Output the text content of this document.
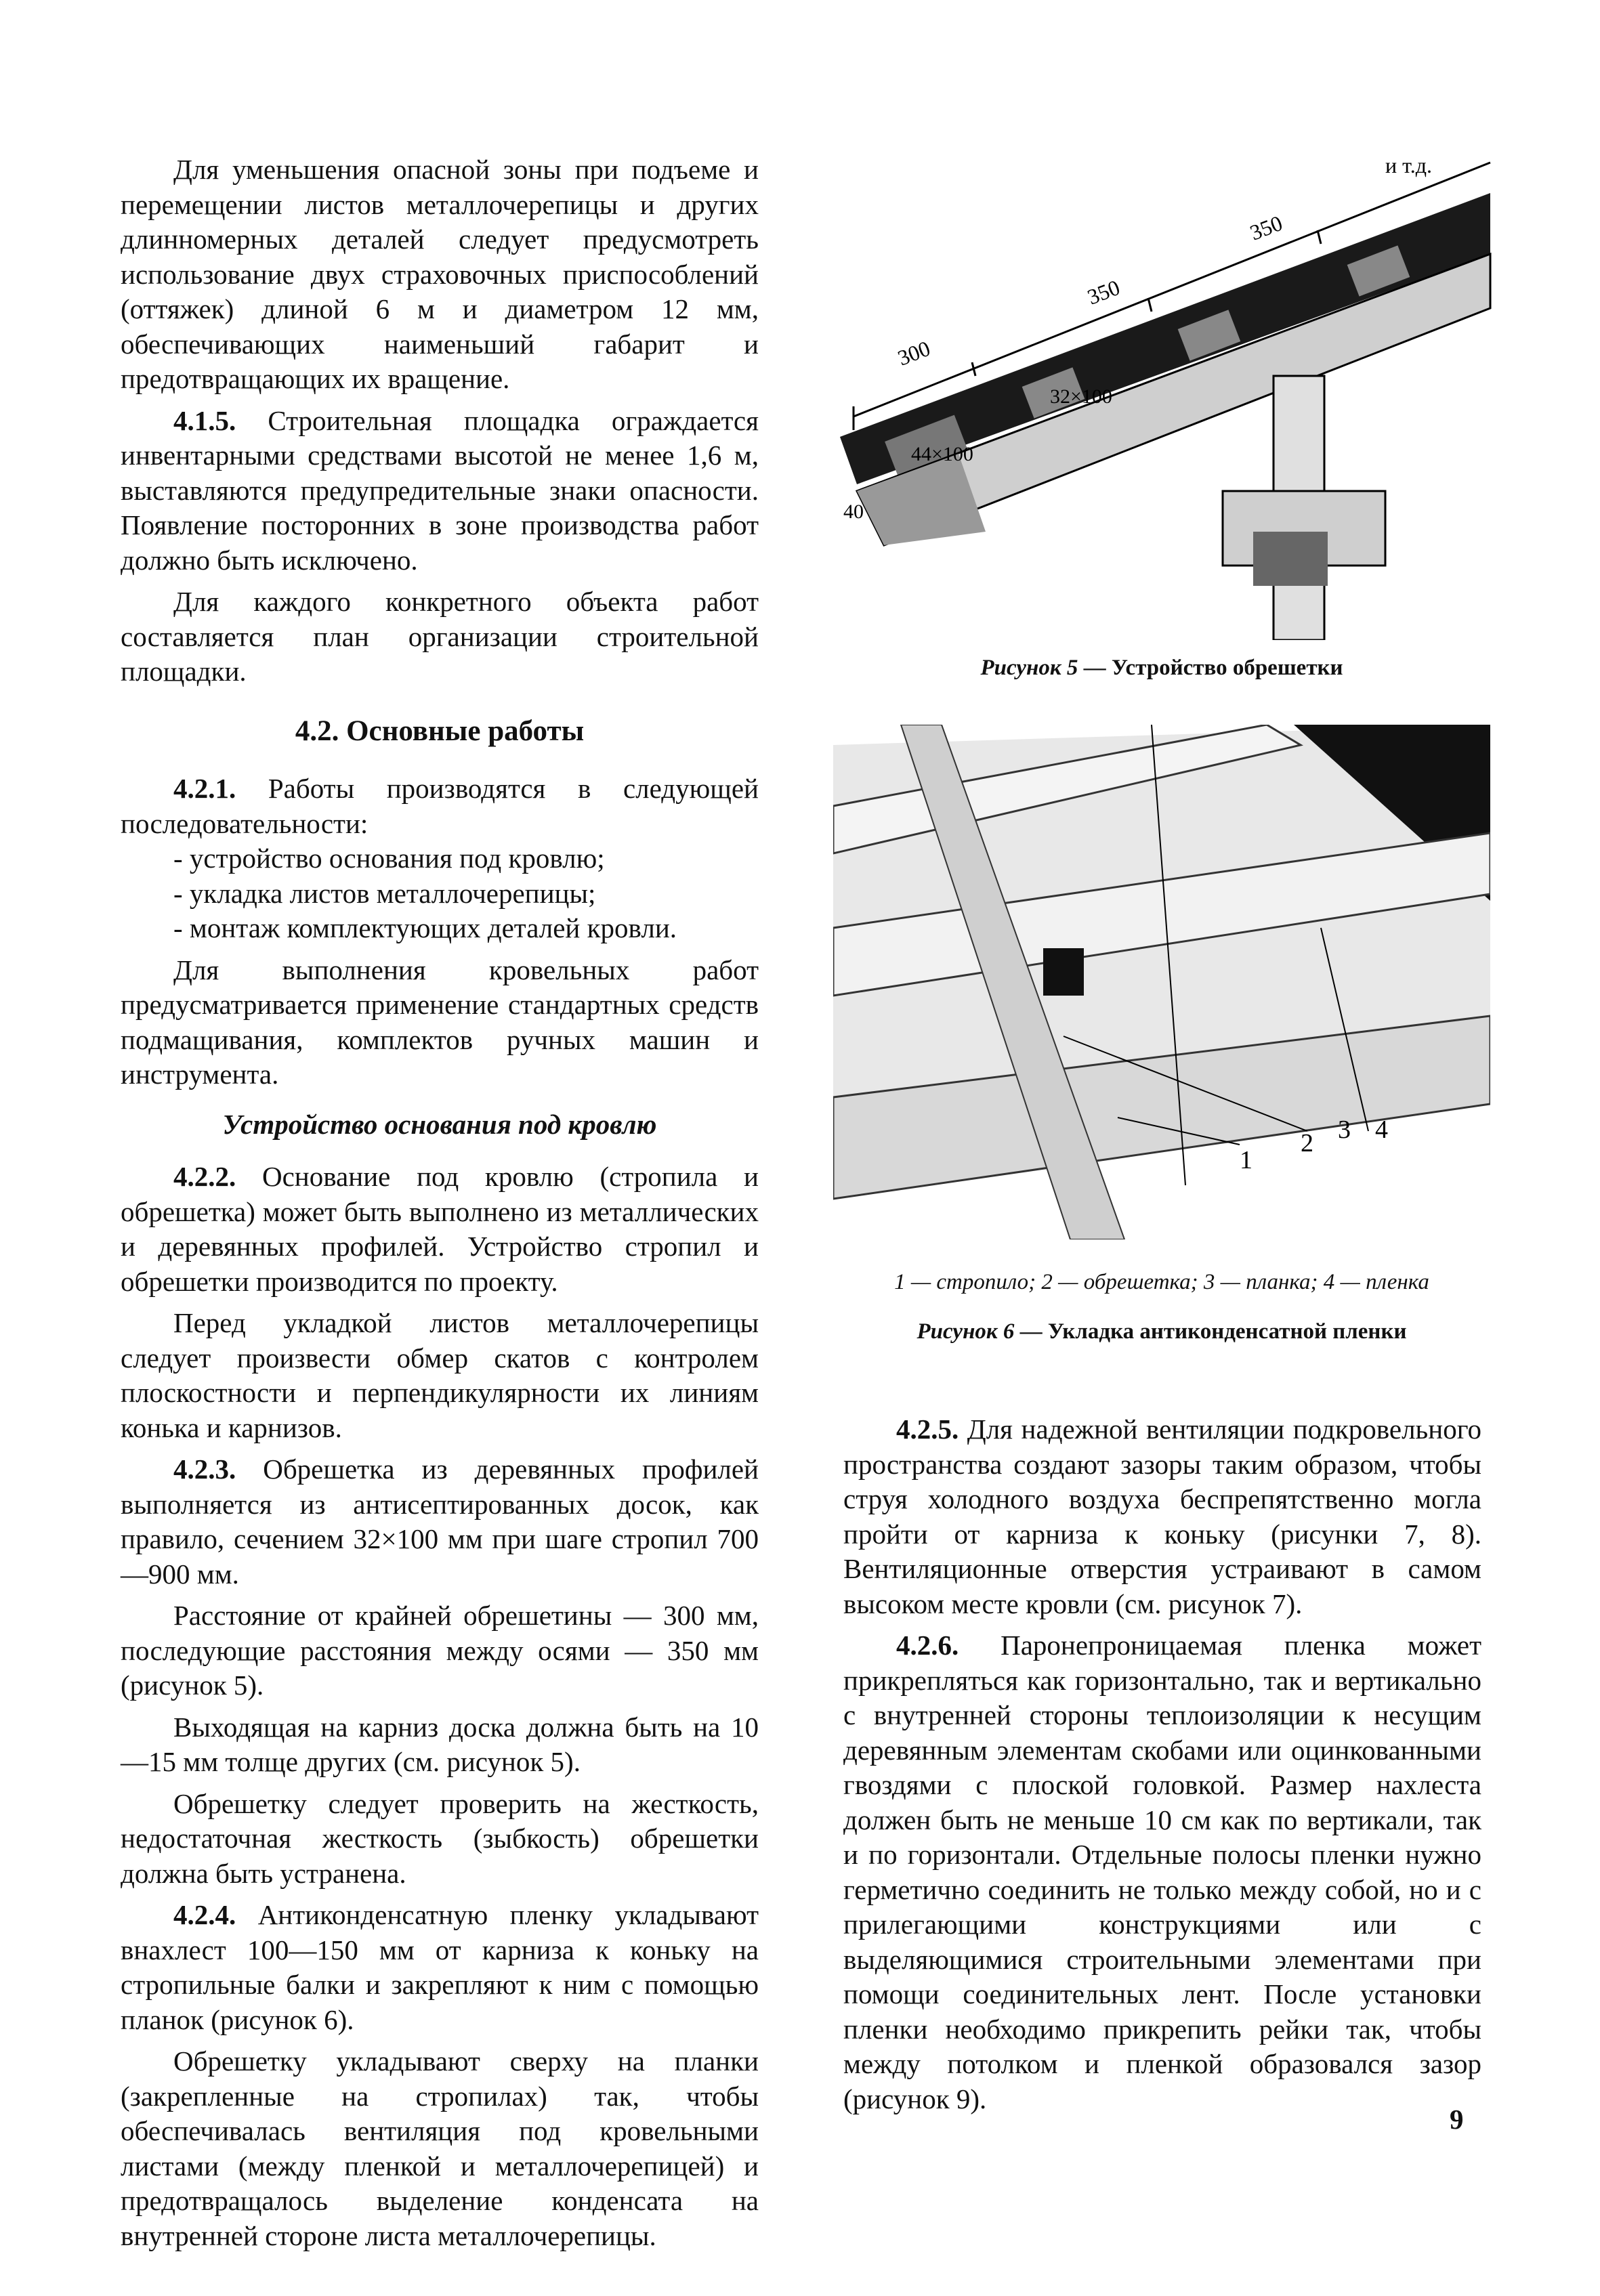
Для уменьшения опасной зоны при подъеме и перемещении листов металлочерепицы и других длинномерных деталей следует предусмотреть использование двух страховочных приспособлений (оттяжек) длиной 6 м и диаметром 12 мм, обеспечивающих наименьший габарит и предотвращающих их вращение.

4.1.5. Строительная площадка ограждается инвентарными средствами высотой не менее 1,6 м, выставляются предупредительные знаки опасности. Появление посторонних в зоне производства работ должно быть исключено.

Для каждого конкретного объекта работ составляется план организации строительной площадки.

4.2. Основные работы

4.2.1. Работы производятся в следующей последовательности:

- устройство основания под кровлю;

- укладка листов металлочерепицы;

- монтаж комплектующих деталей кровли.

Для выполнения кровельных работ предусматривается применение стандартных средств подмащивания, комплектов ручных машин и инструмента.

Устройство основания под кровлю

4.2.2. Основание под кровлю (стропила и обрешетка) может быть выполнено из металлических и деревянных профилей. Устройство стропил и обрешетки производится по проекту.

Перед укладкой листов металлочерепицы следует произвести обмер скатов с контролем плоскостности и перпендикулярности их линиям конька и карнизов.

4.2.3. Обрешетка из деревянных профилей выполняется из антисептированных досок, как правило, сечением 32×100 мм при шаге стропил 700—900 мм.

Расстояние от крайней обрешетины — 300 мм, последующие расстояния между осями — 350 мм (рисунок 5).

Выходящая на карниз доска должна быть на 10—15 мм толще других (см. рисунок 5).

Обрешетку следует проверить на жесткость, недостаточная жесткость (зыбкость) обрешетки должна быть устранена.

4.2.4. Антиконденсатную пленку укладывают внахлест 100—150 мм от карниза к коньку на стропильные балки и закрепляют к ним с помощью планок (рисунок 6).

Обрешетку укладывают сверху на планки (закрепленные на стропилах) так, чтобы обеспечивалась вентиляция под кровельными листами (между пленкой и металлочерепицей) и предотвращалось выделение конденсата на внутренней стороне листа металлочерепицы.

и т.д.
350
350
300
32×100
44×100
40
Рисунок 5 — Устройство обрешетки
1
2 3 4
1 — стропило; 2 — обрешетка; 3 — планка; 4 — пленка
Рисунок 6 — Укладка антиконденсатной пленки

4.2.5. Для надежной вентиляции подкровельного пространства создают зазоры таким образом, чтобы струя холодного воздуха беспрепятственно могла пройти от карниза к коньку (рисунки 7, 8). Вентиляционные отверстия устраивают в самом высоком месте кровли (см. рисунок 7).

4.2.6. Паронепроницаемая пленка может прикрепляться как горизонтально, так и вертикально с внутренней стороны теплоизоляции к несущим деревянным элементам скобами или оцинкованными гвоздями с плоской головкой. Размер нахлеста должен быть не меньше 10 см как по вертикали, так и по горизонтали. Отдельные полосы пленки нужно герметично соединить не только между собой, но и с прилегающими конструкциями или с выделяющимися строительными элементами при помощи соединительных лент. После установки пленки необходимо прикрепить рейки так, чтобы между потолком и пленкой образовался зазор (рисунок 9).

9
